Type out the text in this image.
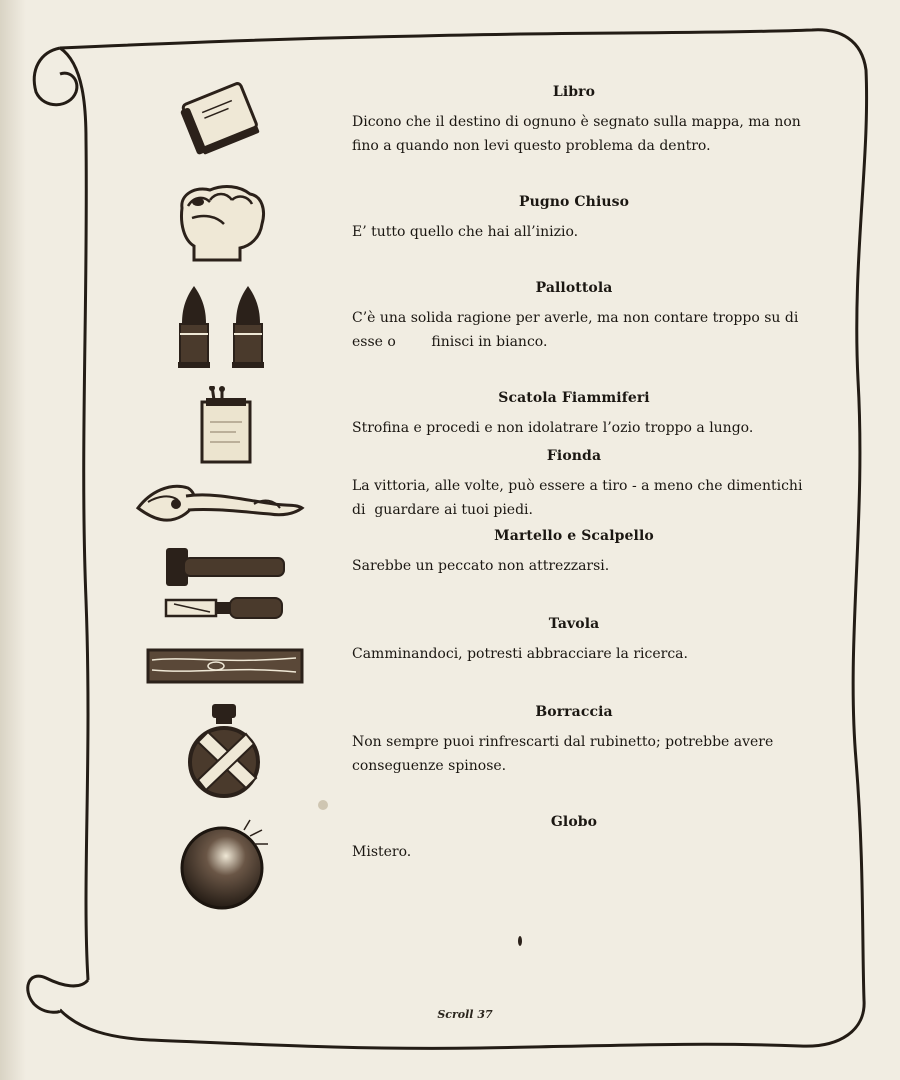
Libro
Dicono che il destino di ognuno è segnato sulla mappa, ma non fino a quando non levi questo problema da dentro.
Pugno Chiuso
E’ tutto quello che hai all’inizio.
Pallottola
C’è una solida ragione per averle, ma non contare troppo su di esse o        finisci in bianco.
Scatola Fiammiferi
Strofina e procedi e non idolatrare l’ozio troppo a lungo.
Fionda
La vittoria, alle volte, può essere a tiro - a meno che dimentichi di  guardare ai tuoi piedi.
Martello e Scalpello
Sarebbe un peccato non attrezzarsi.
Tavola
Camminandoci, potresti abbracciare la ricerca.
Borraccia
Non sempre puoi rinfrescarti dal rubinetto; potrebbe avere conseguenze spinose.
Globo
Mistero.
Scroll 37
